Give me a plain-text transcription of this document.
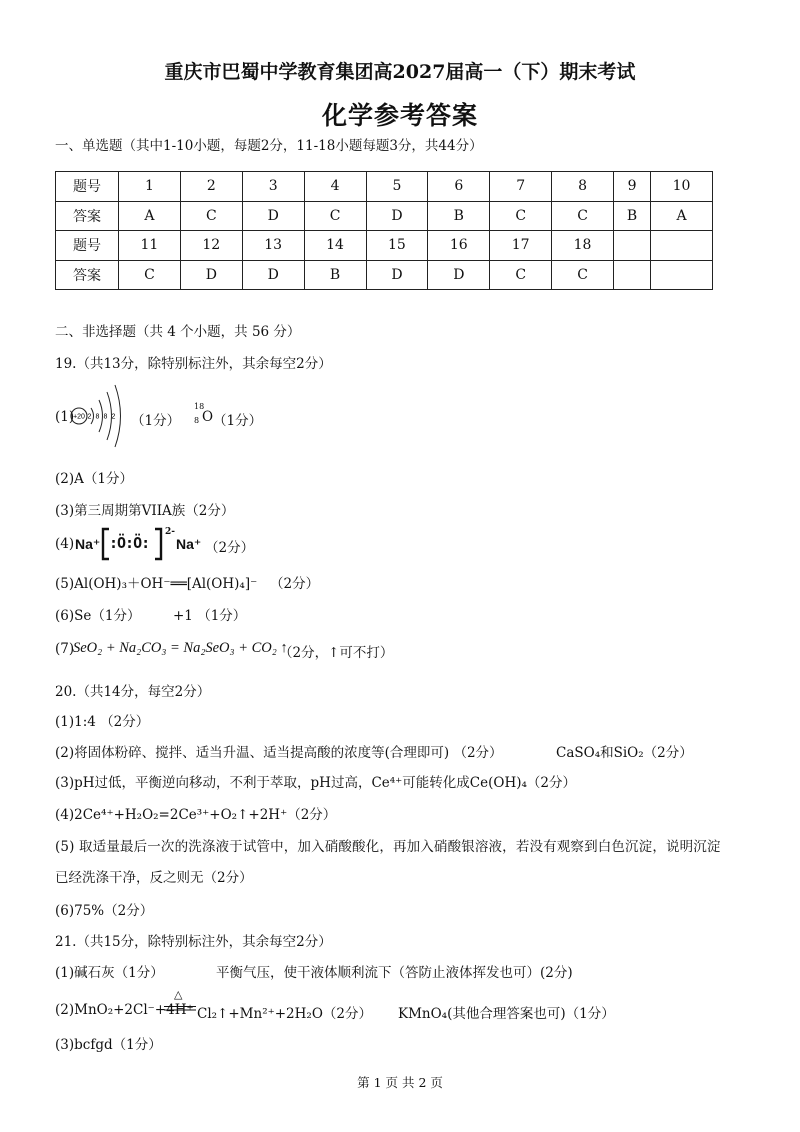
重庆市巴蜀中学教育集团高2027届高一（下）期末考试
化学参考答案
一、单选题（其中1-10小题，每题2分，11-18小题每题3分，共44分）
题号	1	2	3	4	5	6	7	8	9	10
答案	A	C	D	C	D	B	C	C	B	A
题号	11	12	13	14	15	16	17	18		
答案	C	D	D	B	D	D	C	C		
二、非选择题（共 4 个小题，共 56 分）
19.（共13分，除特别标注外，其余每空2分）
(1)
+20 2 8 8 2 （1分）
18
8 O （1分）
(2)A（1分）
(3)第三周期第VIIA族（2分）
(4) Na⁺ :Ö:Ö:
2-
Na⁺ （2分）
(5)Al(OH)₃＋OH⁻══[Al(OH)₄]⁻ （2分）
(6)Se（1分） +1 （1分）
(7)
SeO₂ + Na₂CO₃ = Na₂SeO₃ + CO₂ ↑
（2分，↑可不打）
20.（共14分，每空2分）
(1)1:4 （2分）
(2)将固体粉碎、搅拌、适当升温、适当提高酸的浓度等(合理即可) （2分）	CaSO₄和SiO₂（2分）
(3)pH过低，平衡逆向移动，不利于萃取，pH过高，Ce⁴⁺可能转化成Ce(OH)₄（2分）
(4)2Ce⁴⁺+H₂O₂=2Ce³⁺+O₂↑+2H⁺（2分）
(5) 取适量最后一次的洗涤液于试管中，加入硝酸酸化，再加入硝酸银溶液，若没有观察到白色沉淀，说明沉淀
已经洗涤干净，反之则无（2分）
(6)75%（2分）
21.（共15分，除特别标注外，其余每空2分）
(1)碱石灰（1分）	平衡气压，使干液体顺利流下（答防止液体挥发也可）(2分)
(2)MnO₂+2Cl⁻+4H⁺
△
Cl₂↑+Mn²⁺+2H₂O（2分） KMnO₄(其他合理答案也可)（1分）
(3)bcfgd（1分）
第 1 页 共 2 页
